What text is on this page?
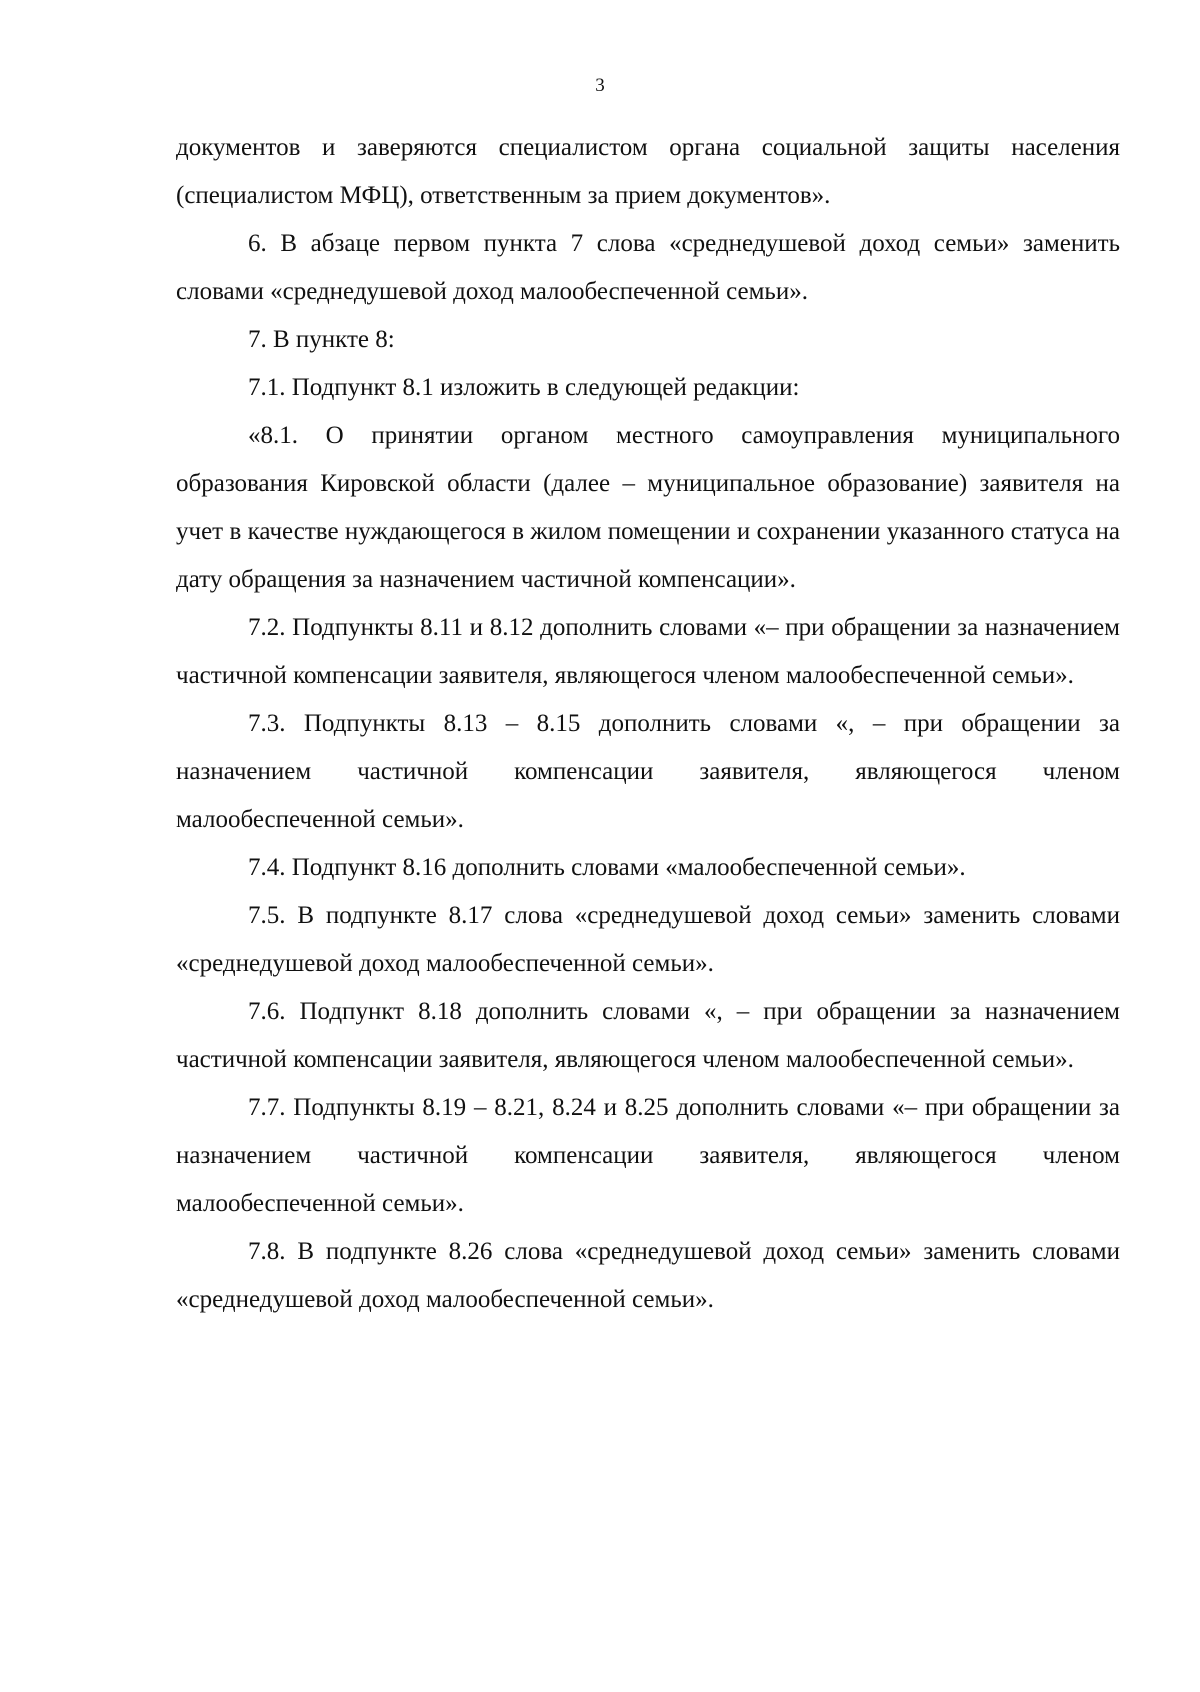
3

документов и заверяются специалистом органа социальной защиты населения (специалистом МФЦ), ответственным за прием документов».

6. В абзаце первом пункта 7 слова «среднедушевой доход семьи» заменить словами «среднедушевой доход малообеспеченной семьи».

7. В пункте 8:

7.1. Подпункт 8.1 изложить в следующей редакции:

«8.1. О принятии органом местного самоуправления муниципального образования Кировской области (далее – муниципальное образование) заявителя на учет в качестве нуждающегося в жилом помещении и сохранении указанного статуса на дату обращения за назначением частичной компенсации».

7.2. Подпункты 8.11 и 8.12 дополнить словами «– при обращении за назначением частичной компенсации заявителя, являющегося членом малообеспеченной семьи».

7.3. Подпункты 8.13 – 8.15 дополнить словами «, – при обращении за назначением частичной компенсации заявителя, являющегося членом малообеспеченной семьи».

7.4. Подпункт 8.16 дополнить словами «малообеспеченной семьи».

7.5. В подпункте 8.17 слова «среднедушевой доход семьи» заменить словами «среднедушевой доход малообеспеченной семьи».

7.6. Подпункт 8.18 дополнить словами «, – при обращении за назначением частичной компенсации заявителя, являющегося членом малообеспеченной семьи».

7.7. Подпункты 8.19 – 8.21, 8.24 и 8.25 дополнить словами «– при обращении за назначением частичной компенсации заявителя, являющегося членом малообеспеченной семьи».

7.8. В подпункте 8.26 слова «среднедушевой доход семьи» заменить словами «среднедушевой доход малообеспеченной семьи».
